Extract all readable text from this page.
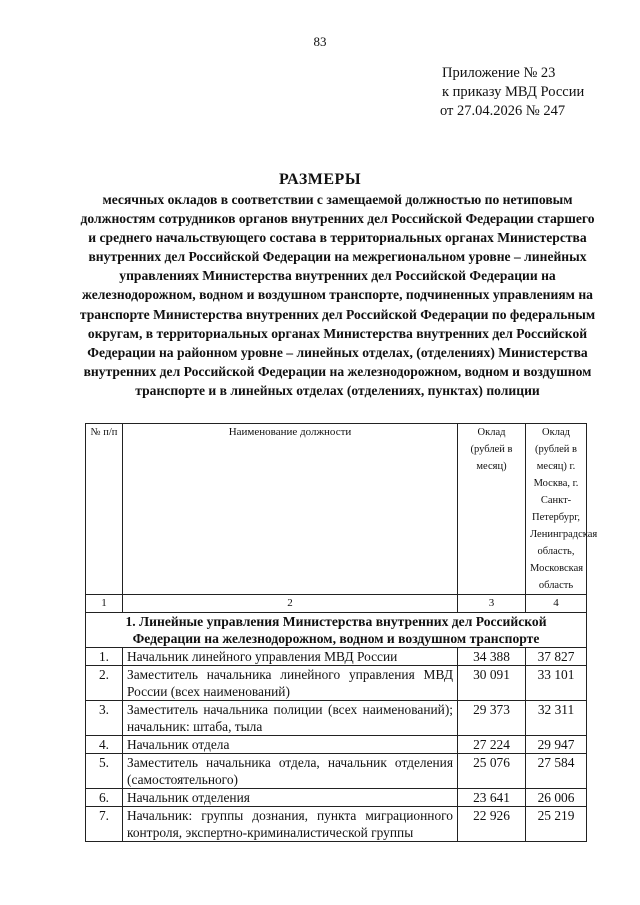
83
Приложение № 23
к приказу МВД России
от 27.04.2026 № 247
РАЗМЕРЫ
месячных окладов в соответствии с замещаемой должностью по нетиповым должностям сотрудников органов внутренних дел Российской Федерации старшего и среднего начальствующего состава в территориальных органах Министерства внутренних дел Российской Федерации на межрегиональном уровне – линейных управлениях Министерства внутренних дел Российской Федерации на железнодорожном, водном и воздушном транспорте, подчиненных управлениям на транспорте Министерства внутренних дел Российской Федерации по федеральным округам, в территориальных органах Министерства внутренних дел Российской Федерации на районном уровне – линейных отделах, (отделениях) Министерства внутренних дел Российской Федерации на железнодорожном, водном и воздушном транспорте и в линейных отделах (отделениях, пунктах) полиции
№ п/п	Наименование должности	Оклад (рублей в месяц)	Оклад (рублей в месяц) г. Москва, г. Санкт-Петербург, Ленинградская область, Московская область
1	2	3	4
1. Линейные управления Министерства внутренних дел Российской Федерации на железнодорожном, водном и воздушном транспорте			
1.	Начальник линейного управления МВД России	34 388	37 827
2.	Заместитель начальника линейного управления МВД России (всех наименований)	30 091	33 101
3.	Заместитель начальника полиции (всех наименований); начальник: штаба, тыла	29 373	32 311
4.	Начальник отдела	27 224	29 947
5.	Заместитель начальника отдела, начальник отделения (самостоятельного)	25 076	27 584
6.	Начальник отделения	23 641	26 006
7.	Начальник: группы дознания, пункта миграционного контроля, экспертно-криминалистической группы	22 926	25 219
